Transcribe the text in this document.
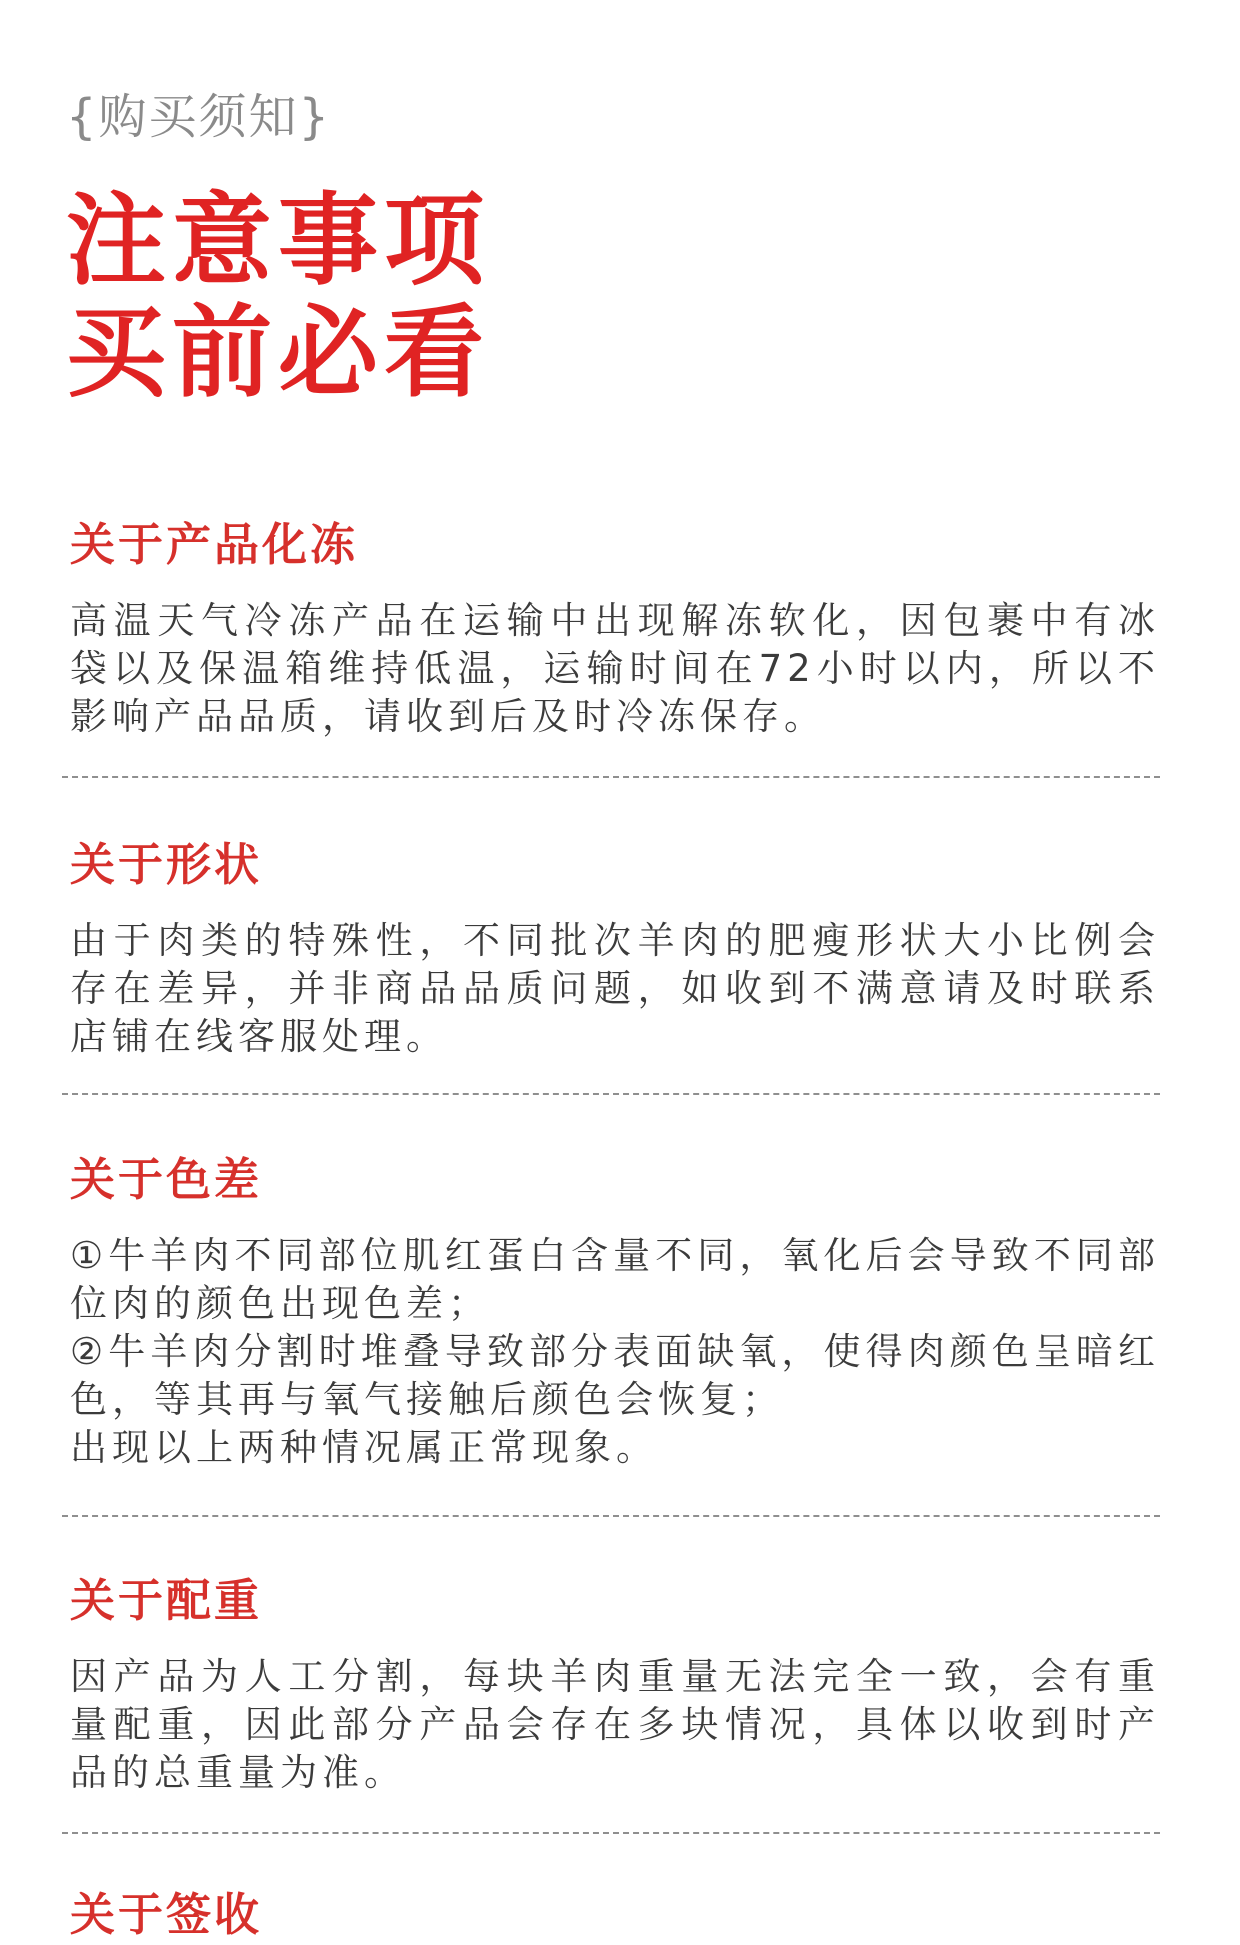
{购买须知}
注意事项
买前必看
关于产品化冻

高温天气冷冻产品在运输中出现解冻软化，因包裹中有冰袋以及保温箱维持低温，运输时间在72小时以内，所以不影响产品品质，请收到后及时冷冻保存。

关于形状

由于肉类的特殊性，不同批次羊肉的肥瘦形状大小比例会存在差异，并非商品品质问题，如收到不满意请及时联系店铺在线客服处理。

关于色差

①牛羊肉不同部位肌红蛋白含量不同，氧化后会导致不同部位肉的颜色出现色差；

②牛羊肉分割时堆叠导致部分表面缺氧，使得肉颜色呈暗红色，等其再与氧气接触后颜色会恢复；

出现以上两种情况属正常现象。

关于配重

因产品为人工分割，每块羊肉重量无法完全一致，会有重量配重，因此部分产品会存在多块情况，具体以收到时产品的总重量为准。

关于签收
